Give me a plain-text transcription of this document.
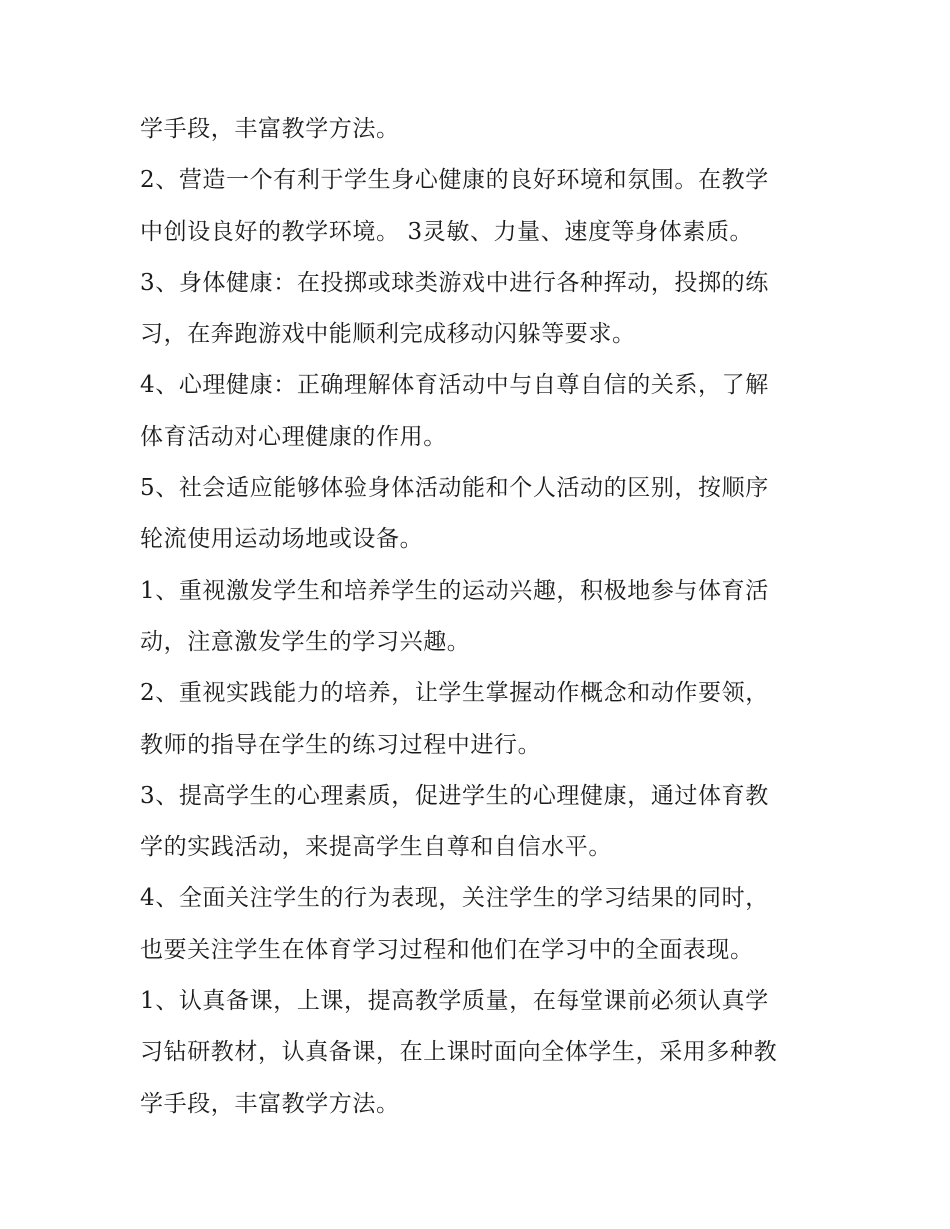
学手段，丰富教学方法。
2、营造一个有利于学生身心健康的良好环境和氛围。在教学
中创设良好的教学环境。 3灵敏、力量、速度等身体素质。
3、身体健康：在投掷或球类游戏中进行各种挥动，投掷的练
习，在奔跑游戏中能顺利完成移动闪躲等要求。
4、心理健康：正确理解体育活动中与自尊自信的关系，了解
体育活动对心理健康的作用。
5、社会适应能够体验身体活动能和个人活动的区别，按顺序
轮流使用运动场地或设备。
1、重视激发学生和培养学生的运动兴趣，积极地参与体育活
动，注意激发学生的学习兴趣。
2、重视实践能力的培养，让学生掌握动作概念和动作要领，
教师的指导在学生的练习过程中进行。
3、提高学生的心理素质，促进学生的心理健康，通过体育教
学的实践活动，来提高学生自尊和自信水平。
4、全面关注学生的行为表现，关注学生的学习结果的同时，
也要关注学生在体育学习过程和他们在学习中的全面表现。
1、认真备课，上课，提高教学质量，在每堂课前必须认真学
习钻研教材，认真备课，在上课时面向全体学生，采用多种教
学手段，丰富教学方法。
